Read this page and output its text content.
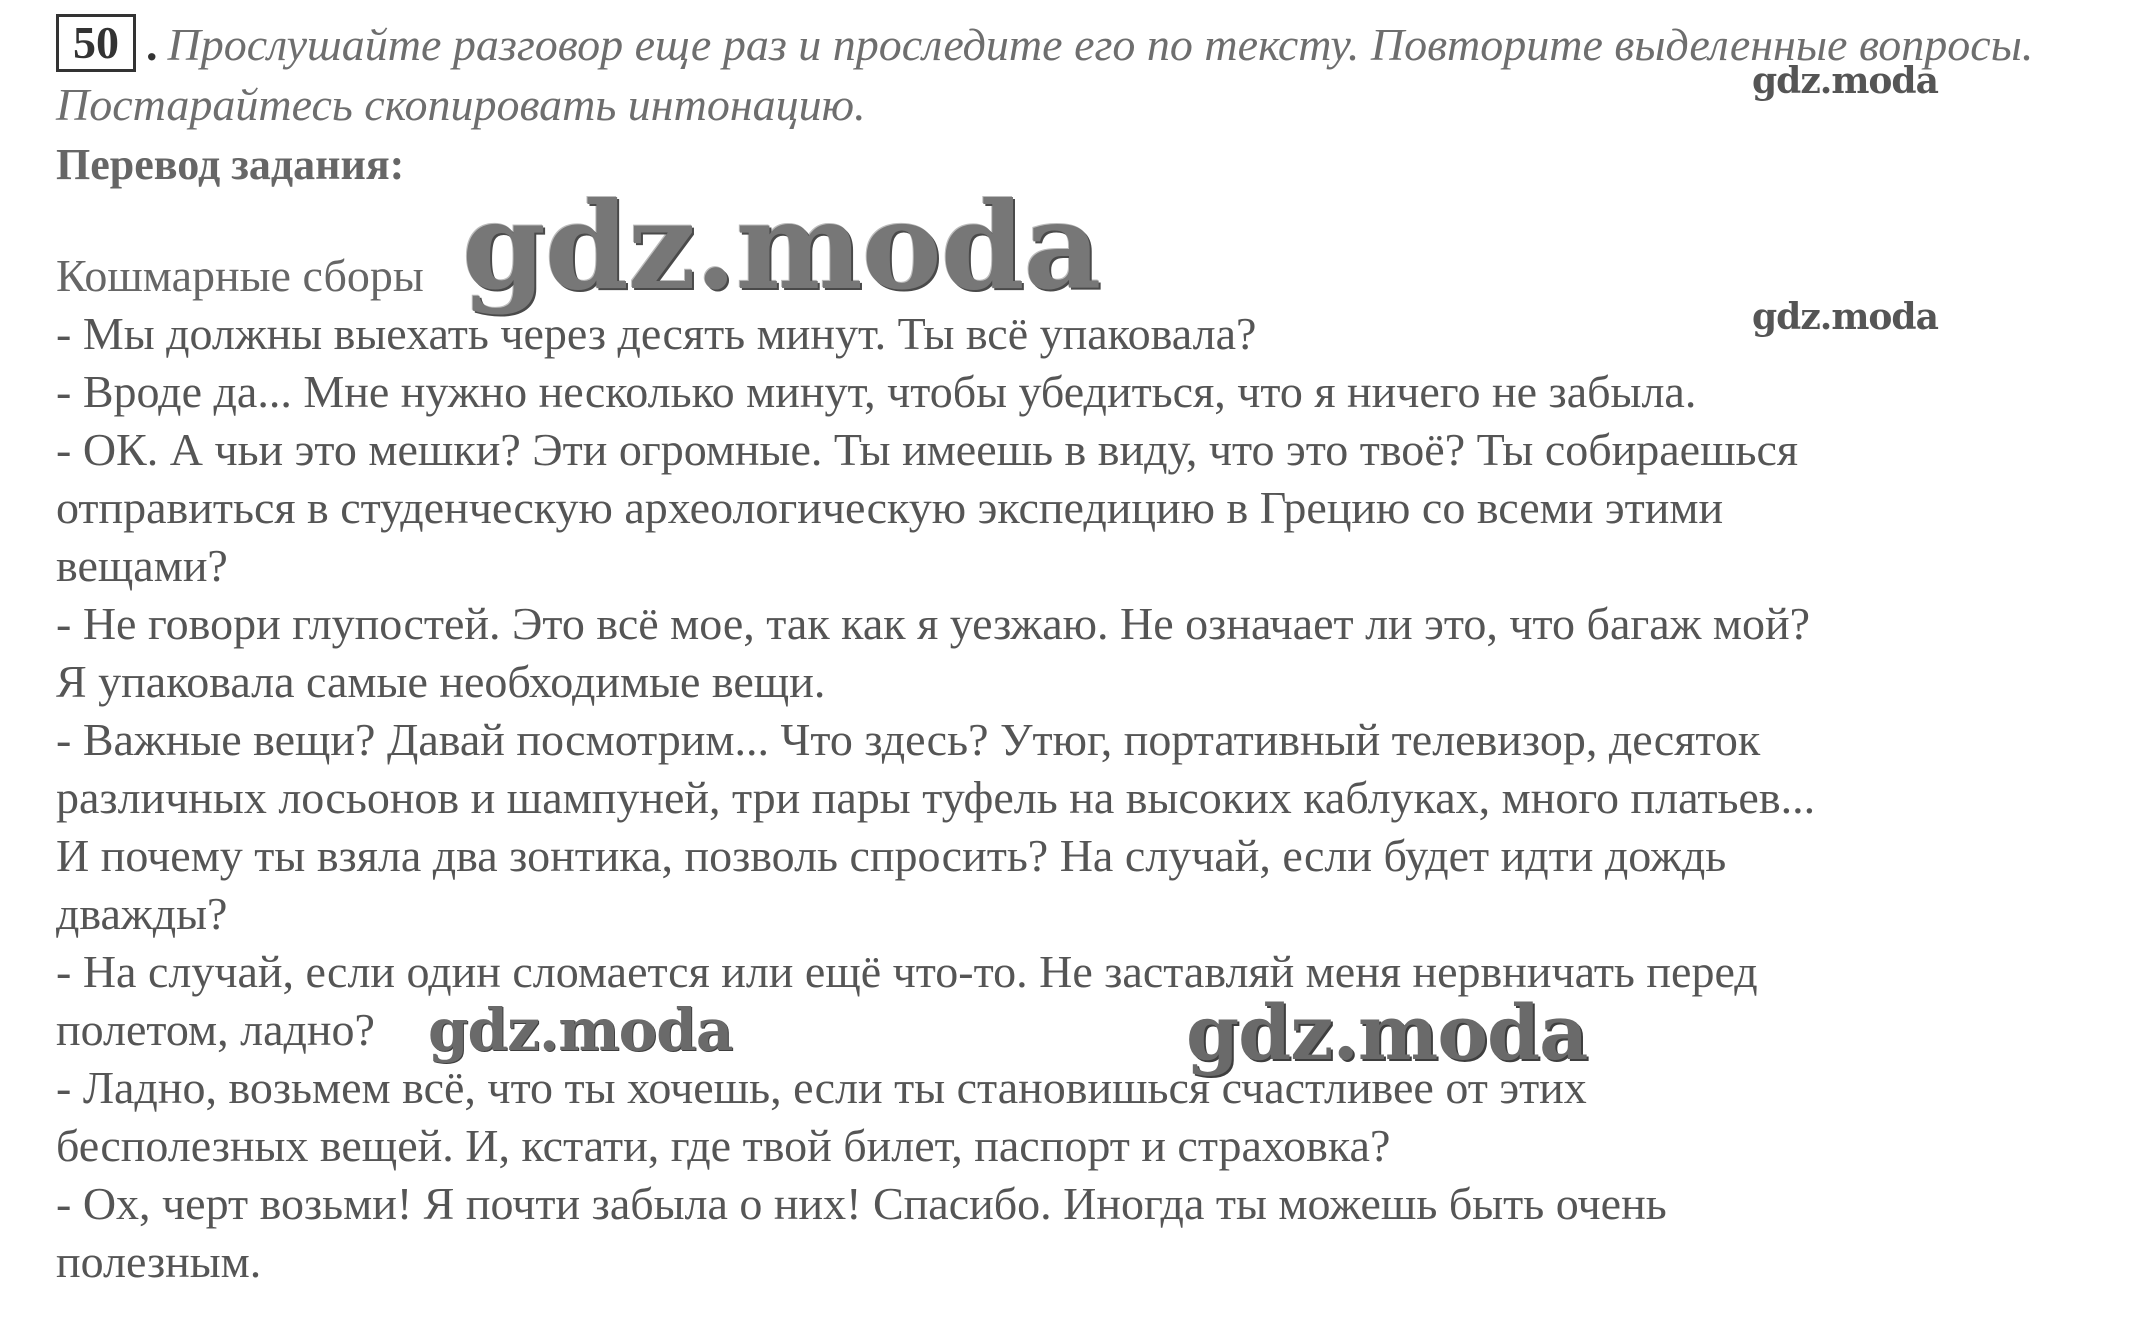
50 . Прослушайте разговор еще раз и проследите его по тексту. Повторите выделенные вопросы. Постарайтесь скопировать интонацию.
Перевод задания:
Кошмарные сборы
- Мы должны выехать через десять минут. Ты всё упаковала?
- Вроде да... Мне нужно несколько минут, чтобы убедиться, что я ничего не забыла.
- ОК. А чьи это мешки? Эти огромные. Ты имеешь в виду, что это твоё? Ты собираешься
отправиться в студенческую археологическую экспедицию в Грецию со всеми этими
вещами?
- Не говори глупостей. Это всё мое, так как я уезжаю. Не означает ли это, что багаж мой?
Я упаковала самые необходимые вещи.
- Важные вещи? Давай посмотрим... Что здесь? Утюг, портативный телевизор, десяток
различных лосьонов и шампуней, три пары туфель на высоких каблуках, много платьев...
И почему ты взяла два зонтика, позволь спросить? На случай, если будет идти дождь
дважды?
- На случай, если один сломается или ещё что-то. Не заставляй меня нервничать перед
полетом, ладно?
- Ладно, возьмем всё, что ты хочешь, если ты становишься счастливее от этих
бесполезных вещей. И, кстати, где твой билет, паспорт и страховка?
- Ох, черт возьми! Я почти забыла о них! Спасибо. Иногда ты можешь быть очень
полезным.
gdz.moda
gdz.moda
gdz.moda
gdz.moda	gdz.moda
